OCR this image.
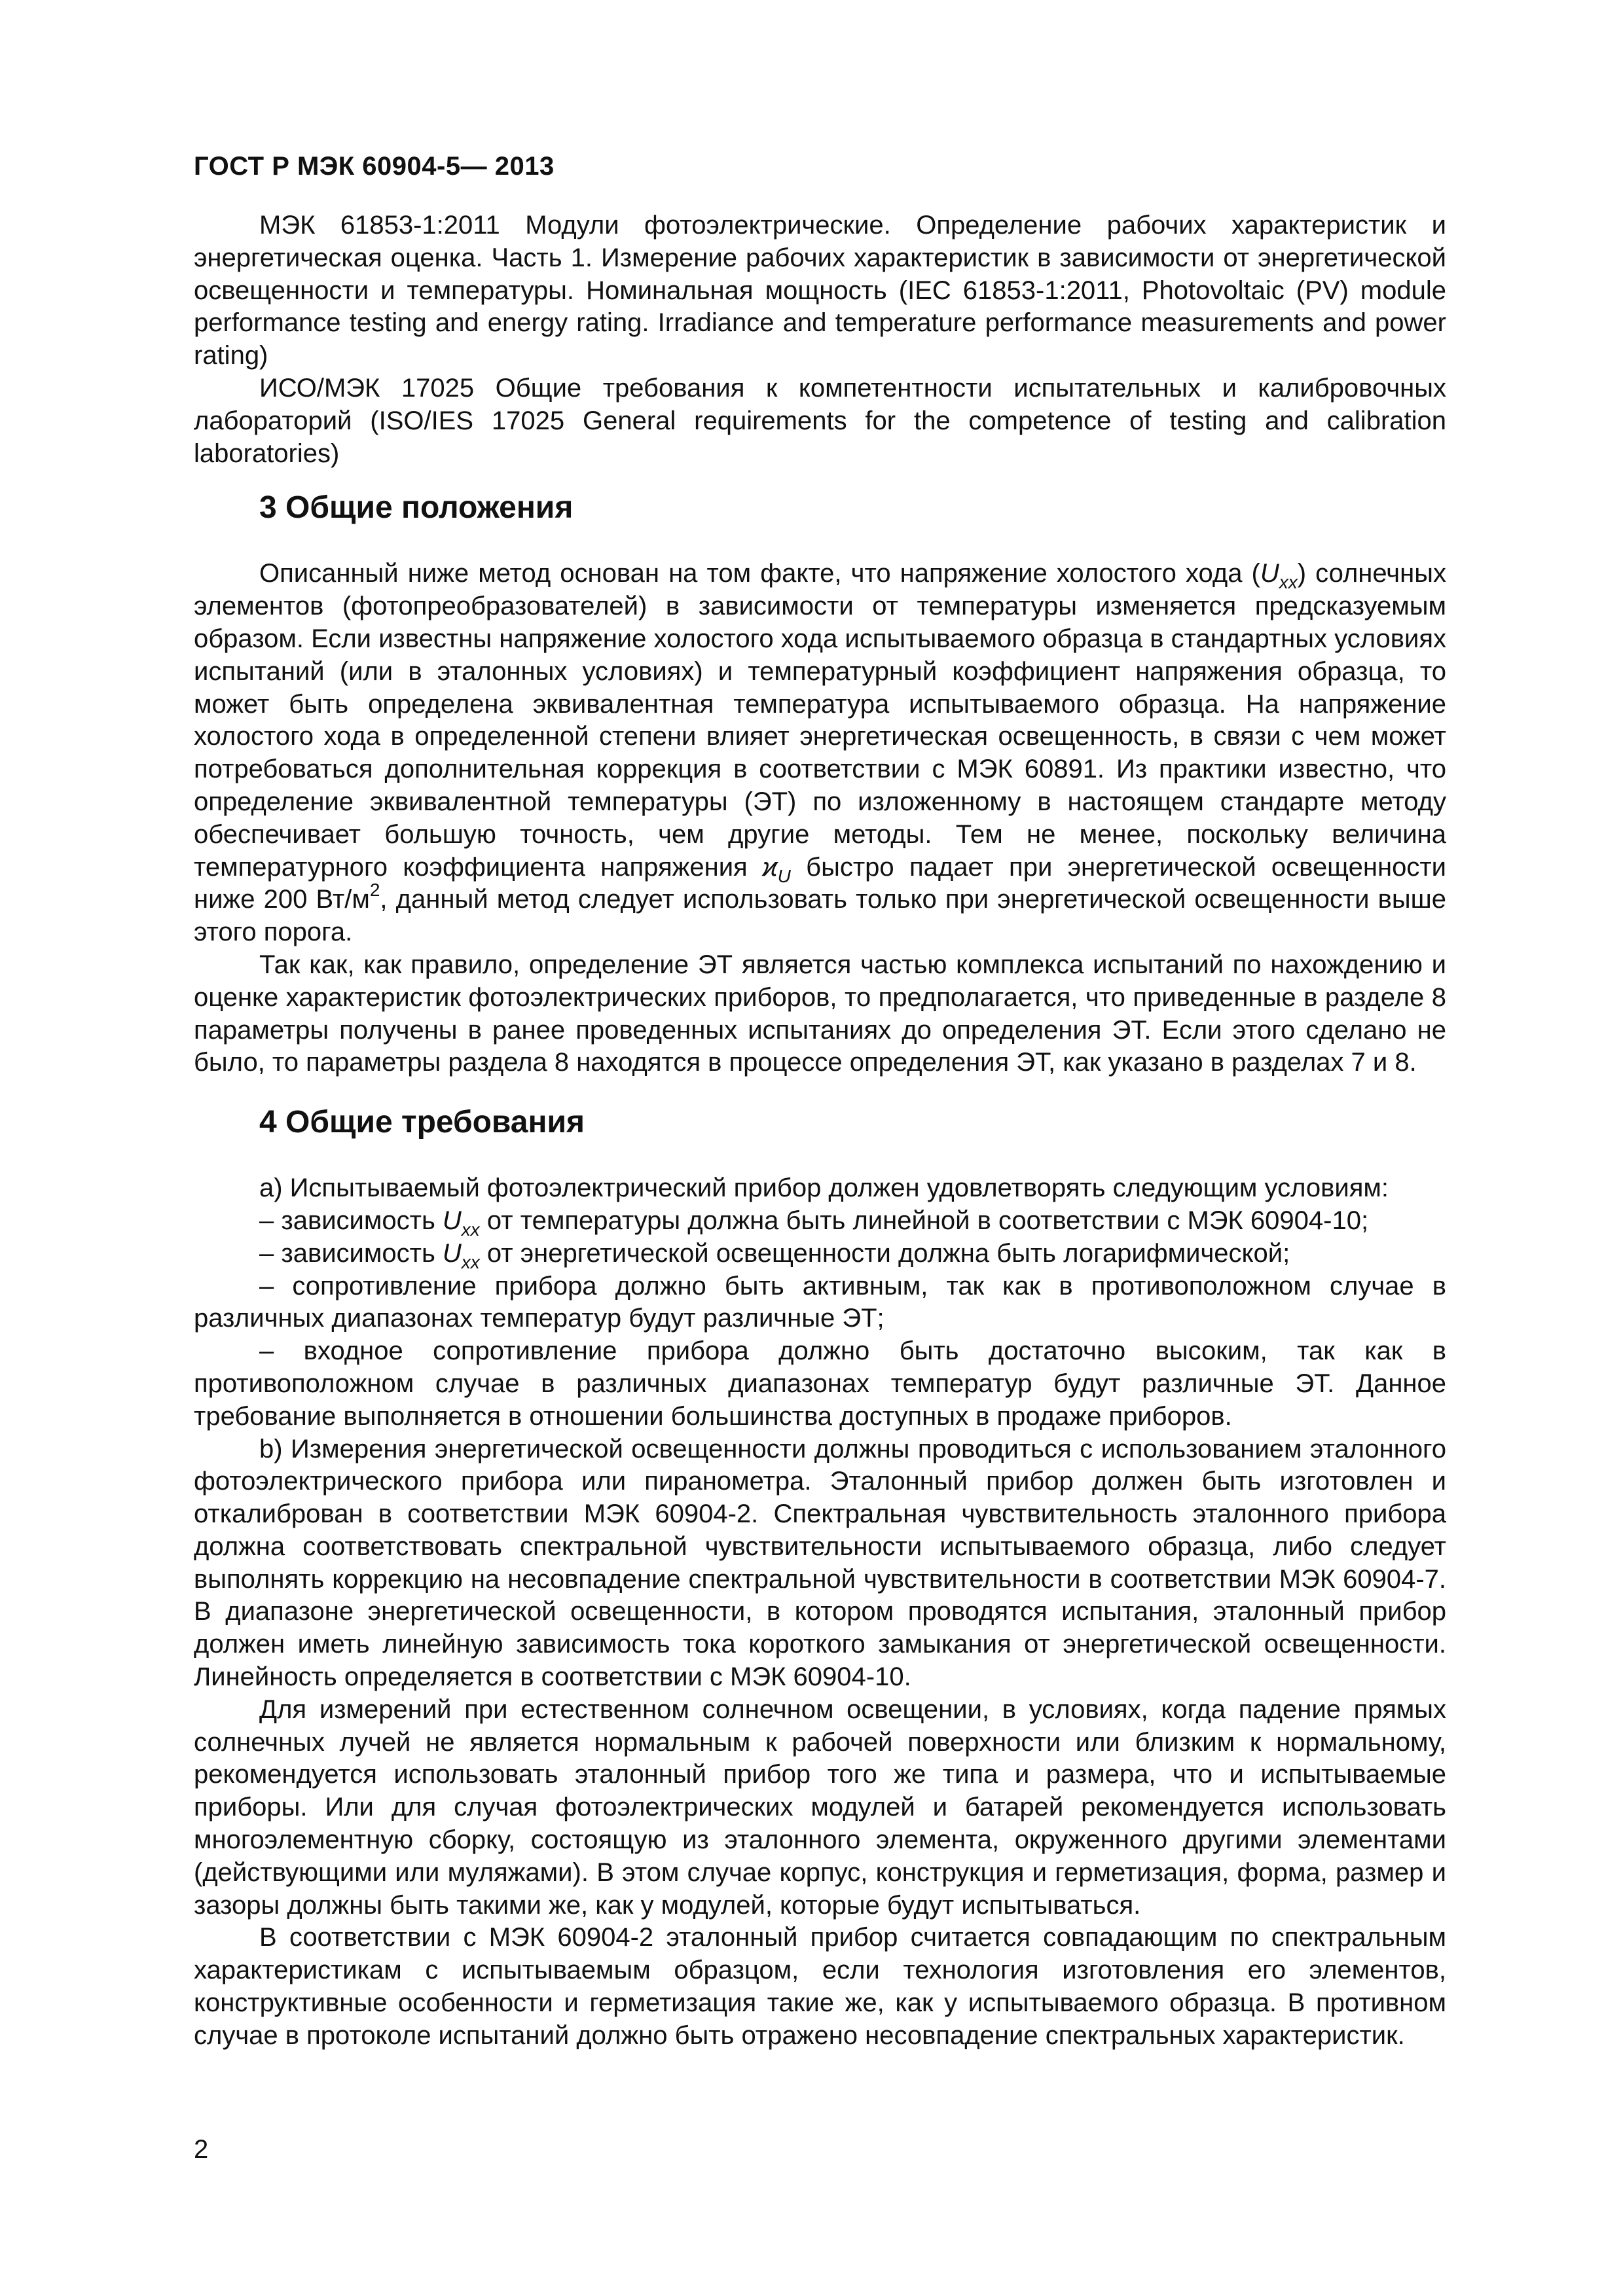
ГОСТ Р МЭК 60904-5— 2013

МЭК 61853-1:2011 Модули фотоэлектрические. Определение рабочих характеристик и энергетическая оценка. Часть 1. Измерение рабочих характеристик в зависимости от энергетической освещенности и температуры. Номинальная мощность (IEC 61853-1:2011, Photovoltaic (PV) module performance testing and energy rating. Irradiance and temperature performance measurements and power rating)

ИСО/МЭК 17025 Общие требования к компетентности испытательных и калибровочных лабораторий (ISO/IES 17025 General requirements for the competence of testing and calibration laboratories)

3 Общие положения

Описанный ниже метод основан на том факте, что напряжение холостого хода $(U_{xx})$ солнечных элементов (фотопреобразователей) в зависимости от температуры изменяется предсказуемым образом. Если известны напряжение холостого хода испытываемого образца в стандартных условиях испытаний (или в эталонных условиях) и температурный коэффициент напряжения образца, то может быть определена эквивалентная температура испытываемого образца. На напряжение холостого хода в определенной степени влияет энергетическая освещенность, в связи с чем может потребоваться дополнительная коррекция в соответствии с МЭК 60891. Из практики известно, что определение эквивалентной температуры (ЭТ) по изложенному в настоящем стандарте методу обеспечивает большую точность, чем другие методы. Тем не менее, поскольку величина температурного коэффициента напряжения $ϰ_U$ быстро падает при энергетической освещенности ниже 200 $Вт/м^2$, данный метод следует использовать только при энергетической освещенности выше этого порога.

Так как, как правило, определение ЭТ является частью комплекса испытаний по нахождению и оценке характеристик фотоэлектрических приборов, то предполагается, что приведенные в разделе 8 параметры получены в ранее проведенных испытаниях до определения ЭТ. Если этого сделано не было, то параметры раздела 8 находятся в процессе определения ЭТ, как указано в разделах 7 и 8.

4 Общие требования

a) Испытываемый фотоэлектрический прибор должен удовлетворять следующим условиям:

– зависимость $U_{xx}$ от температуры должна быть линейной в соответствии с МЭК 60904-10;

– зависимость $U_{xx}$ от энергетической освещенности должна быть логарифмической;

– сопротивление прибора должно быть активным, так как в противоположном случае в различных диапазонах температур будут различные ЭТ;

– входное сопротивление прибора должно быть достаточно высоким, так как в противоположном случае в различных диапазонах температур будут различные ЭТ. Данное требование выполняется в отношении большинства доступных в продаже приборов.

b) Измерения энергетической освещенности должны проводиться с использованием эталонного фотоэлектрического прибора или пиранометра. Эталонный прибор должен быть изготовлен и откалиброван в соответствии МЭК 60904-2. Спектральная чувствительность эталонного прибора должна соответствовать спектральной чувствительности испытываемого образца, либо следует выполнять коррекцию на несовпадение спектральной чувствительности в соответствии МЭК 60904-7. В диапазоне энергетической освещенности, в котором проводятся испытания, эталонный прибор должен иметь линейную зависимость тока короткого замыкания от энергетической освещенности. Линейность определяется в соответствии с МЭК 60904-10.

Для измерений при естественном солнечном освещении, в условиях, когда падение прямых солнечных лучей не является нормальным к рабочей поверхности или близким к нормальному, рекомендуется использовать эталонный прибор того же типа и размера, что и испытываемые приборы. Или для случая фотоэлектрических модулей и батарей рекомендуется использовать многоэлементную сборку, состоящую из эталонного элемента, окруженного другими элементами (действующими или муляжами). В этом случае корпус, конструкция и герметизация, форма, размер и зазоры должны быть такими же, как у модулей, которые будут испытываться.

В соответствии с МЭК 60904-2 эталонный прибор считается совпадающим по спектральным характеристикам с испытываемым образцом, если технология изготовления его элементов, конструктивные особенности и герметизация такие же, как у испытываемого образца. В противном случае в протоколе испытаний должно быть отражено несовпадение спектральных характеристик.

2
